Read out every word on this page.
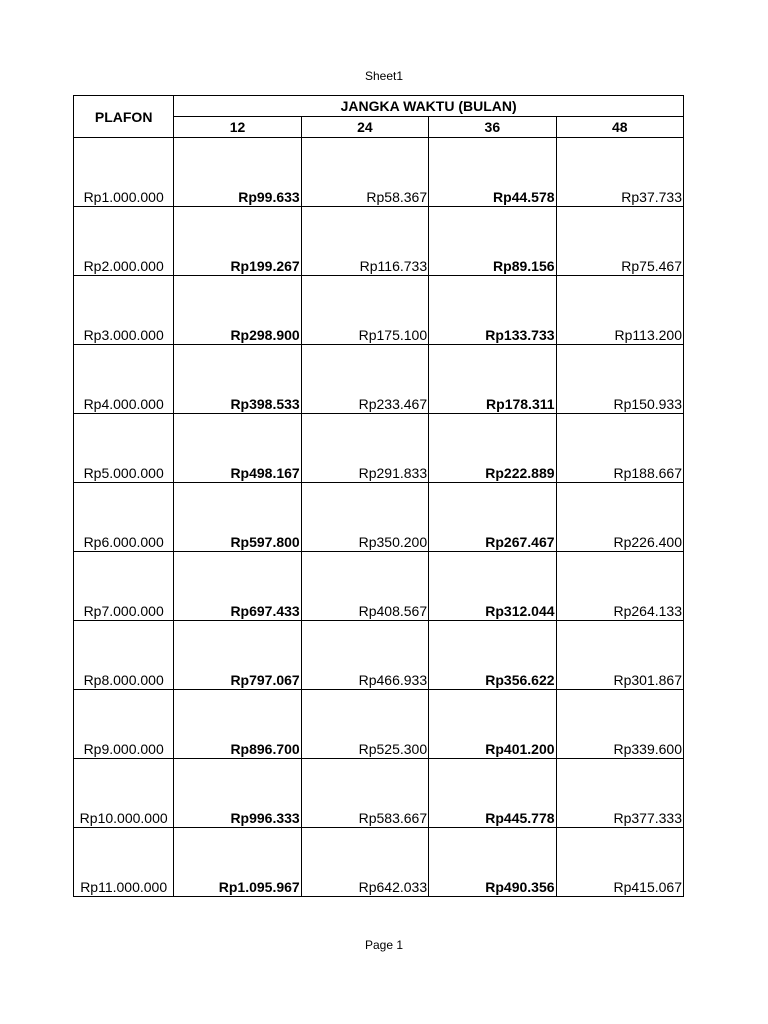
Sheet1
PLAFON	JANGKA WAKTU (BULAN)			
	12	24	36	48
Rp1.000.000	Rp99.633	Rp58.367	Rp44.578	Rp37.733
Rp2.000.000	Rp199.267	Rp116.733	Rp89.156	Rp75.467
Rp3.000.000	Rp298.900	Rp175.100	Rp133.733	Rp113.200
Rp4.000.000	Rp398.533	Rp233.467	Rp178.311	Rp150.933
Rp5.000.000	Rp498.167	Rp291.833	Rp222.889	Rp188.667
Rp6.000.000	Rp597.800	Rp350.200	Rp267.467	Rp226.400
Rp7.000.000	Rp697.433	Rp408.567	Rp312.044	Rp264.133
Rp8.000.000	Rp797.067	Rp466.933	Rp356.622	Rp301.867
Rp9.000.000	Rp896.700	Rp525.300	Rp401.200	Rp339.600
Rp10.000.000	Rp996.333	Rp583.667	Rp445.778	Rp377.333
Rp11.000.000	Rp1.095.967	Rp642.033	Rp490.356	Rp415.067
Page 1
